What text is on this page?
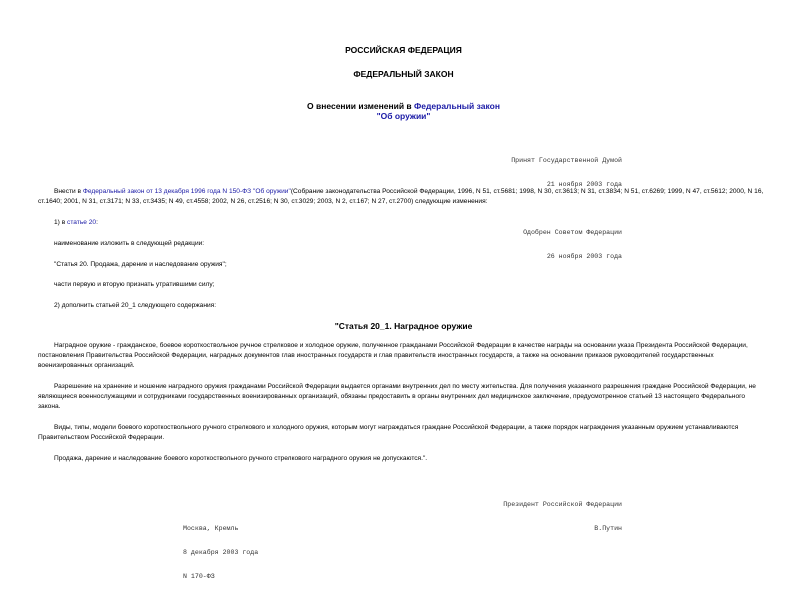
РОССИЙСКАЯ ФЕДЕРАЦИЯ
ФЕДЕРАЛЬНЫЙ ЗАКОН
О внесении изменений в Федеральный закон
"Об оружии"

Принят Государственной Думой

21 ноября 2003 года

Одобрен Советом Федерации

26 ноября 2003 года

Внести в Федеральный закон от 13 декабря 1996 года N 150-ФЗ "Об оружии"(Собрание законодательства Российской Федерации, 1996, N 51, ст.5681; 1998, N 30, ст.3613; N 31, ст.3834; N 51, ст.6269; 1999, N 47, ст.5612; 2000, N 16, ст.1640; 2001, N 31, ст.3171; N 33, ст.3435; N 49, ст.4558; 2002, N 26, ст.2516; N 30, ст.3029; 2003, N 2, ст.167; N 27, ст.2700) следующие изменения:
1) в статье 20:
наименование изложить в следующей редакции:
"Статья 20. Продажа, дарение и наследование оружия";
части первую и вторую признать утратившими силу;
2) дополнить статьей 20_1 следующего содержания:
"Статья 20_1. Наградное оружие
Наградное оружие - гражданское, боевое короткоствольное ручное стрелковое и холодное оружие, полученное гражданами Российской Федерации в качестве награды на основании указа Президента Российской Федерации, постановления Правительства Российской Федерации, наградных документов глав иностранных государств и глав правительств иностранных государств, а также на основании приказов руководителей государственных военизированных организаций.
Разрешение на хранение и ношение наградного оружия гражданами Российской Федерации выдается органами внутренних дел по месту жительства. Для получения указанного разрешения граждане Российской Федерации, не являющиеся военнослужащими и сотрудниками государственных военизированных организаций, обязаны предоставить в органы внутренних дел медицинское заключение, предусмотренное статьей 13 настоящего Федерального закона.
Виды, типы, модели боевого короткоствольного ручного стрелкового и холодного оружия, которым могут награждаться граждане Российской Федерации, а также порядок награждения указанным оружием устанавливаются Правительством Российской Федерации.
Продажа, дарение и наследование боевого короткоствольного ручного стрелкового наградного оружия не допускаются.".

Президент Российской Федерации

В.Путин

Москва, Кремль

8 декабря 2003 года

N 170-ФЗ
